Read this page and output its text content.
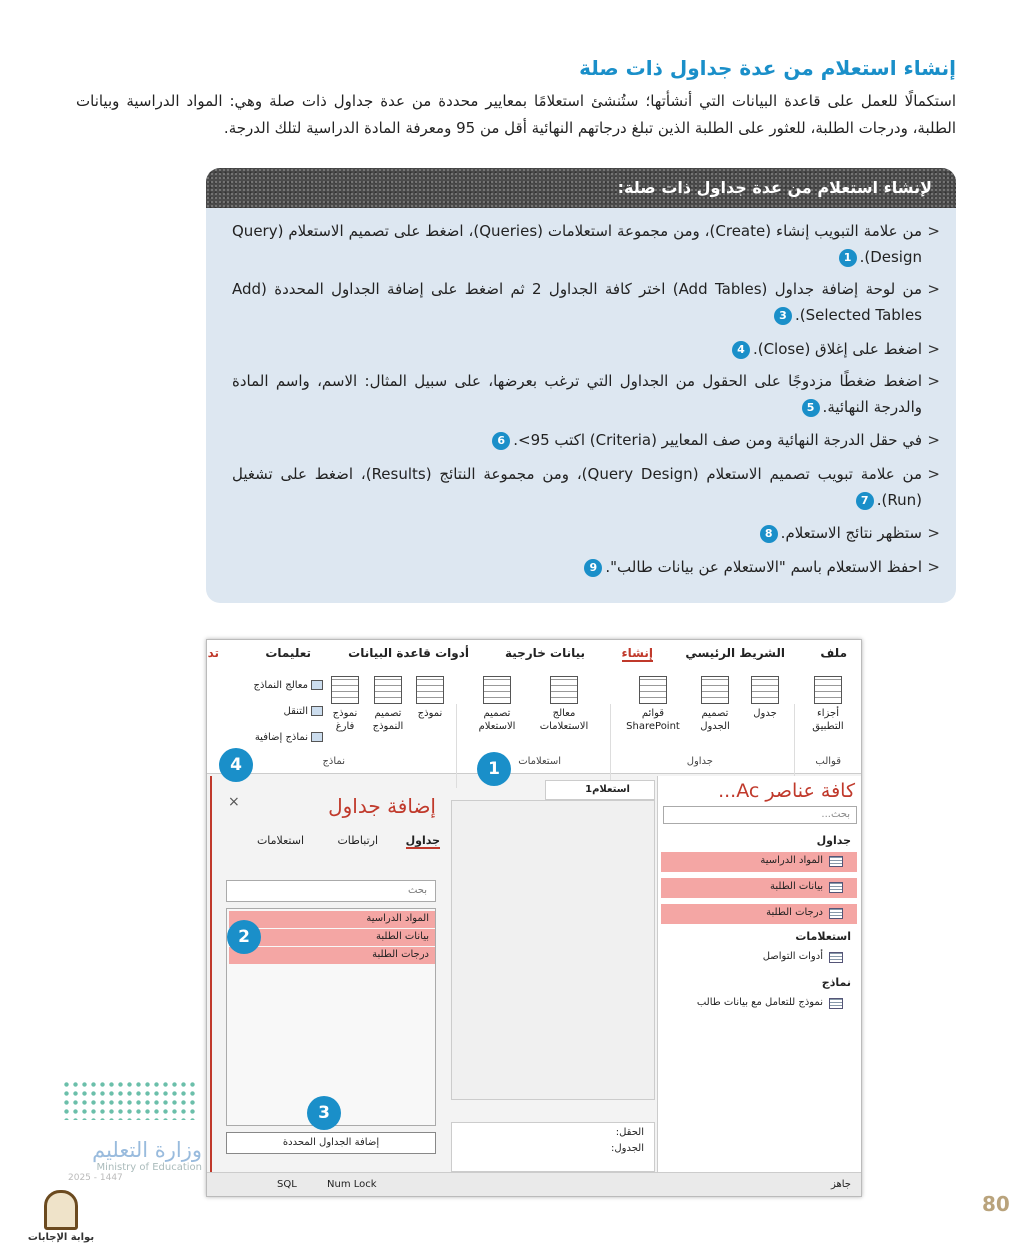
إنشاء استعلام من عدة جداول ذات صلة
استكمالًا للعمل على قاعدة البيانات التي أنشأتها؛ ستُنشئ استعلامًا بمعايير محددة من عدة جداول ذات صلة وهي: المواد الدراسية وبيانات الطلبة، ودرجات الطلبة، للعثور على الطلبة الذين تبلغ درجاتهم النهائية أقل من 95 ومعرفة المادة الدراسية لتلك الدرجة.
لإنشاء استعلام من عدة جداول ذات صلة:
< من علامة التبويب إنشاء (Create)، ومن مجموعة استعلامات (Queries)، اضغط على تصميم الاستعلام (Query Design).1
< من لوحة إضافة جداول (Add Tables) اختر كافة الجداول 2 ثم اضغط على إضافة الجداول المحددة (Add Selected Tables).3
< اضغط على إغلاق (Close).4
< اضغط ضغطًا مزدوجًا على الحقول من الجداول التي ترغب بعرضها، على سبيل المثال: الاسم، واسم المادة والدرجة النهائية.5
< في حقل الدرجة النهائية ومن صف المعايير (Criteria) اكتب 95>.6
< من علامة تبويب تصميم الاستعلام (Query Design)، ومن مجموعة النتائج (Results)، اضغط على تشغيل (Run).7
< ستظهر نتائج الاستعلام.8
< احفظ الاستعلام باسم "الاستعلام عن بيانات طالب".9
ملف
الشريط الرئيسي
إنشاء
بيانات خارجية
أدوات قاعدة البيانات
تعليمات
تد
أجزاء التطبيق
قوالب
جدول
تصميم الجدول
قوائم SharePoint
جداول
معالج الاستعلامات
تصميم الاستعلام
استعلامات
نموذج
تصميم النموذج
نموذج فارغ
معالج النماذج
التنقل
نماذج إضافية
نماذج
كافة عناصر Ac...
بحث...
جداول
المواد الدراسية
بيانات الطلبة
درجات الطلبة
استعلامات
أدوات التواصل
نماذج
نموذج للتعامل مع بيانات طالب
استعلام1
الحقل:
الجدول:
إضافة جداول
×
جداول
ارتباطات
استعلامات
بحث
المواد الدراسية
بيانات الطلبة
درجات الطلبة
إضافة الجداول المحددة
جاهز
Num Lock
SQL
1
2
3
4
وزارة التعليم
Ministry of Education
2025 - 1447
80
بوابة الإجابات
